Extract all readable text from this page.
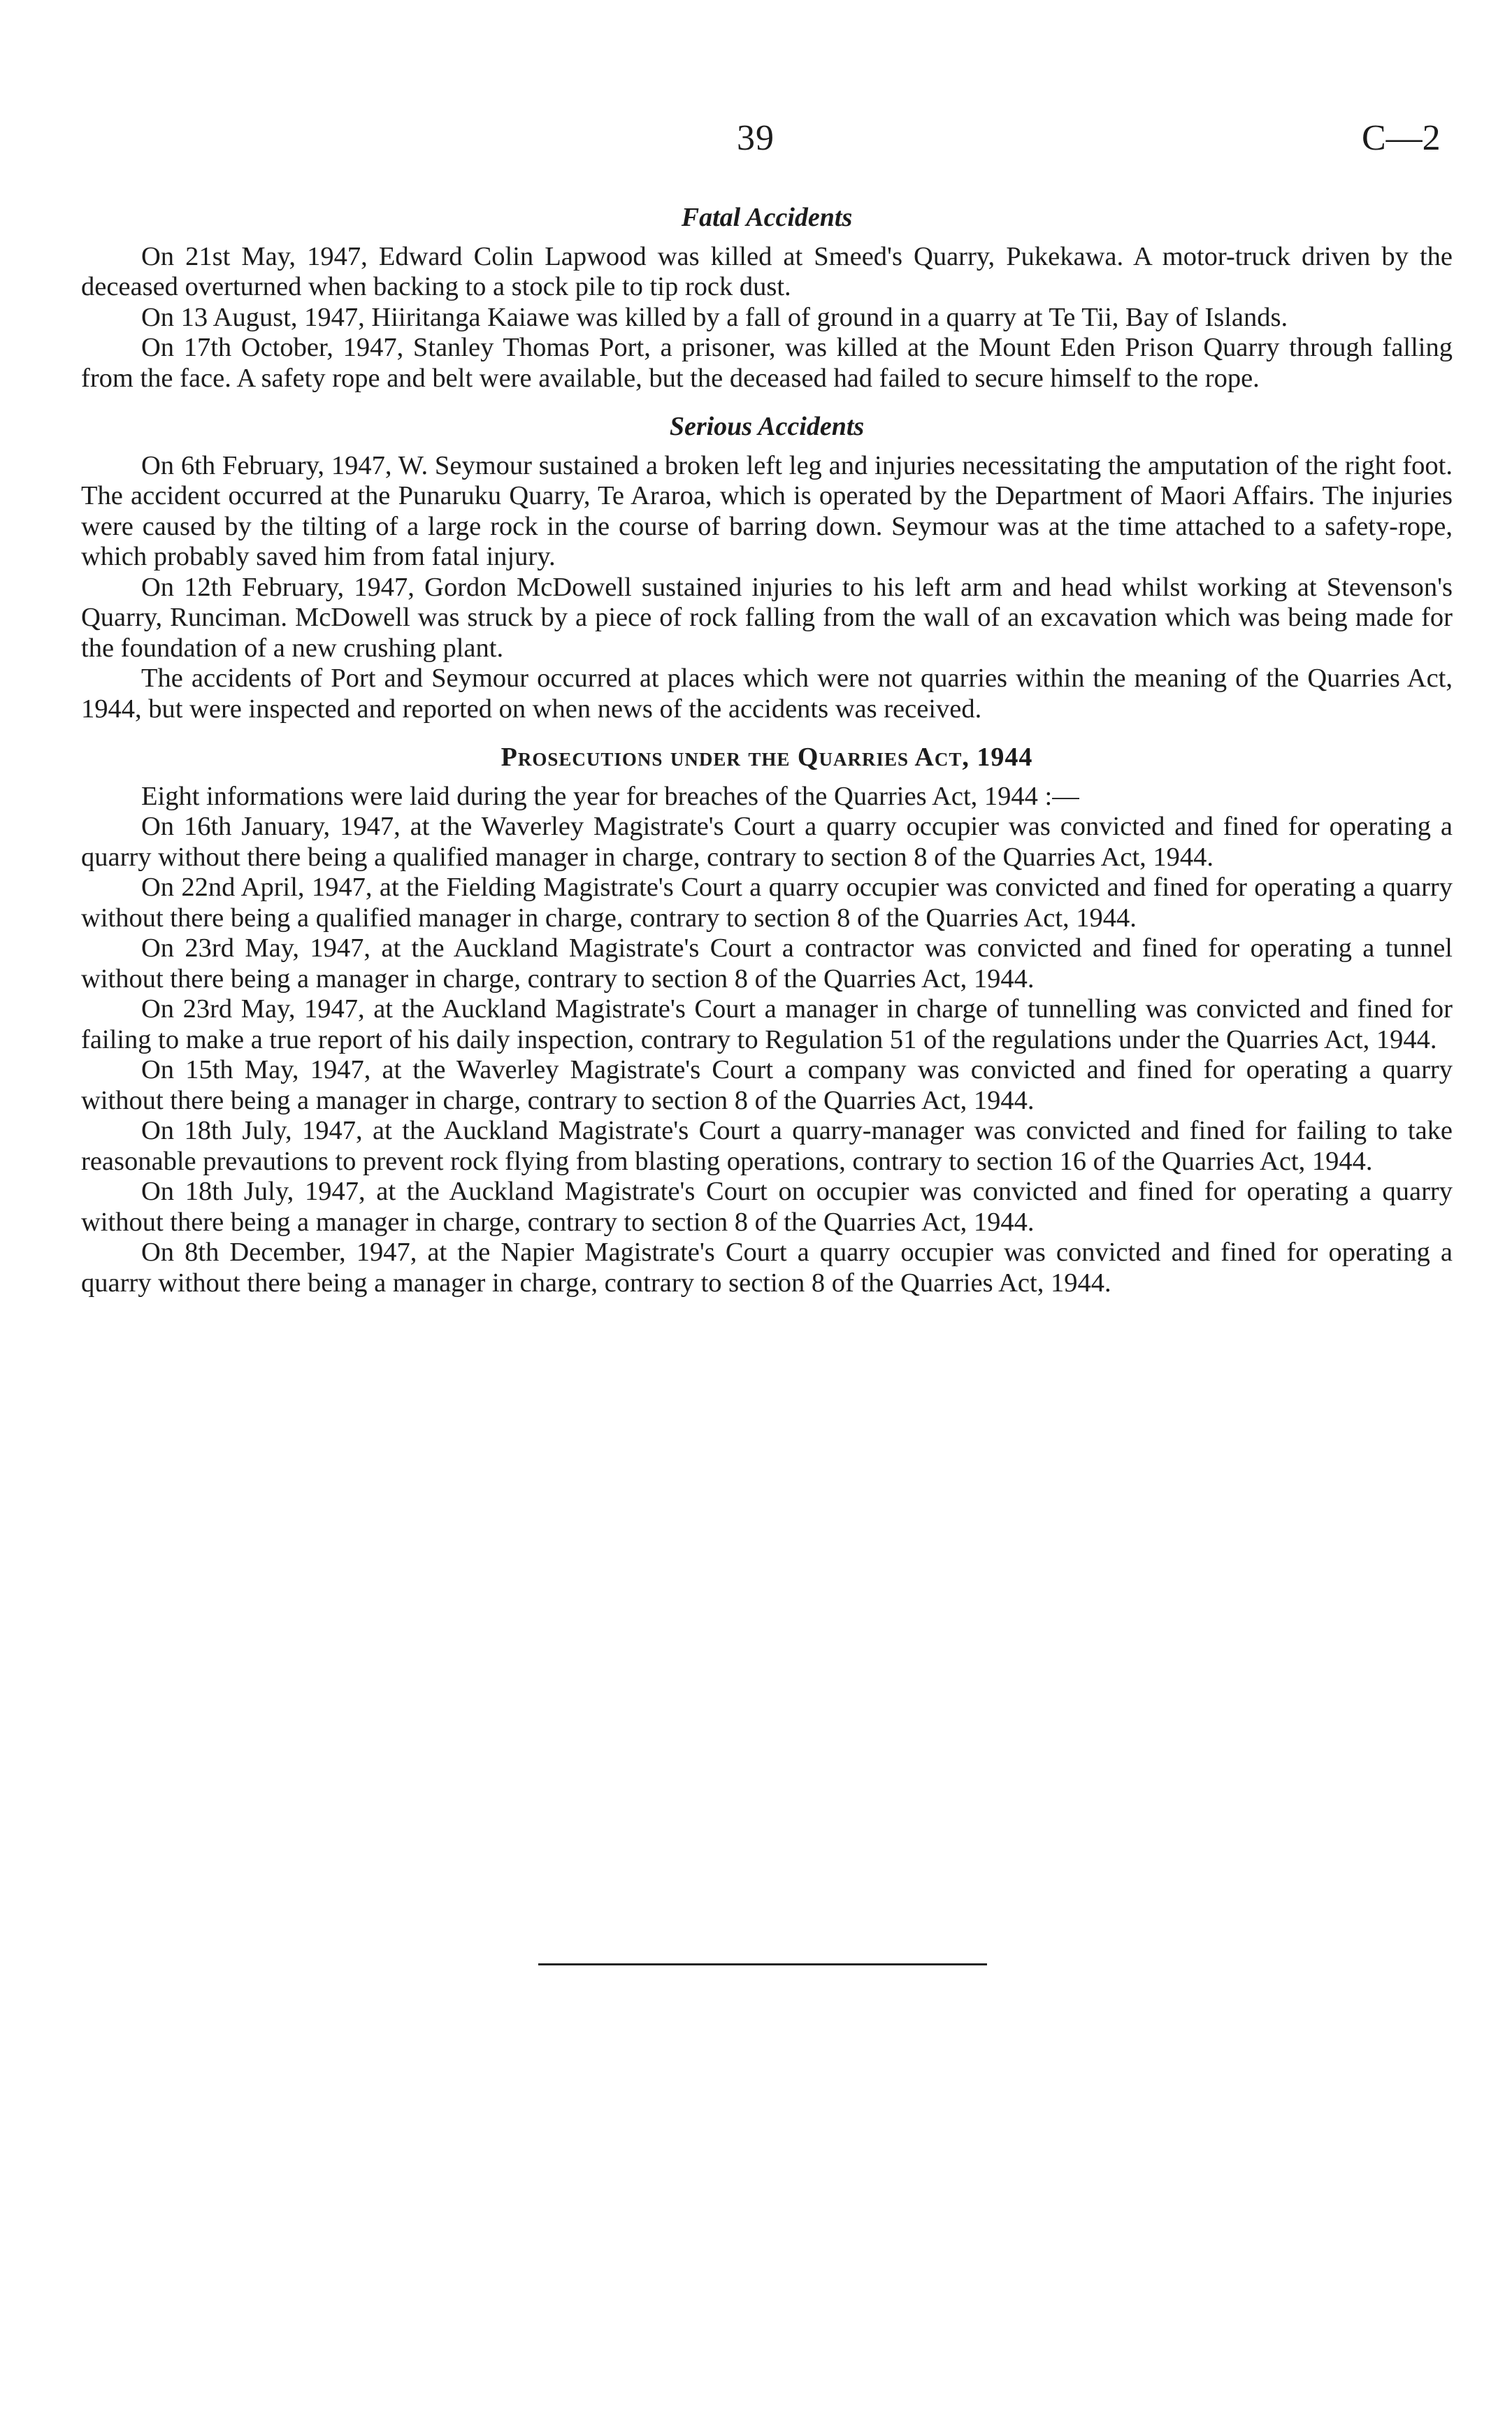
39	C—2
Fatal Accidents

On 21st May, 1947, Edward Colin Lapwood was killed at Smeed's Quarry, Pukekawa. A motor-truck driven by the deceased overturned when backing to a stock pile to tip rock dust.

On 13 August, 1947, Hiiritanga Kaiawe was killed by a fall of ground in a quarry at Te Tii, Bay of Islands.

On 17th October, 1947, Stanley Thomas Port, a prisoner, was killed at the Mount Eden Prison Quarry through falling from the face. A safety rope and belt were available, but the deceased had failed to secure himself to the rope.

Serious Accidents

On 6th February, 1947, W. Seymour sustained a broken left leg and injuries necessitating the amputation of the right foot. The accident occurred at the Punaruku Quarry, Te Araroa, which is operated by the Department of Maori Affairs. The injuries were caused by the tilting of a large rock in the course of barring down. Seymour was at the time attached to a safety-rope, which probably saved him from fatal injury.

On 12th February, 1947, Gordon McDowell sustained injuries to his left arm and head whilst working at Stevenson's Quarry, Runciman. McDowell was struck by a piece of rock falling from the wall of an excavation which was being made for the foundation of a new crushing plant.

The accidents of Port and Seymour occurred at places which were not quarries within the meaning of the Quarries Act, 1944, but were inspected and reported on when news of the accidents was received.

Prosecutions under the Quarries Act, 1944

Eight informations were laid during the year for breaches of the Quarries Act, 1944 :—

On 16th January, 1947, at the Waverley Magistrate's Court a quarry occupier was convicted and fined for operating a quarry without there being a qualified manager in charge, contrary to section 8 of the Quarries Act, 1944.

On 22nd April, 1947, at the Fielding Magistrate's Court a quarry occupier was convicted and fined for operating a quarry without there being a qualified manager in charge, contrary to section 8 of the Quarries Act, 1944.

On 23rd May, 1947, at the Auckland Magistrate's Court a contractor was convicted and fined for operating a tunnel without there being a manager in charge, contrary to section 8 of the Quarries Act, 1944.

On 23rd May, 1947, at the Auckland Magistrate's Court a manager in charge of tunnelling was convicted and fined for failing to make a true report of his daily inspection, contrary to Regulation 51 of the regulations under the Quarries Act, 1944.

On 15th May, 1947, at the Waverley Magistrate's Court a company was convicted and fined for operating a quarry without there being a manager in charge, contrary to section 8 of the Quarries Act, 1944.

On 18th July, 1947, at the Auckland Magistrate's Court a quarry-manager was convicted and fined for failing to take reasonable prevautions to prevent rock flying from blasting operations, contrary to section 16 of the Quarries Act, 1944.

On 18th July, 1947, at the Auckland Magistrate's Court on occupier was convicted and fined for operating a quarry without there being a manager in charge, contrary to section 8 of the Quarries Act, 1944.

On 8th December, 1947, at the Napier Magistrate's Court a quarry occupier was convicted and fined for operating a quarry without there being a manager in charge, contrary to section 8 of the Quarries Act, 1944.
